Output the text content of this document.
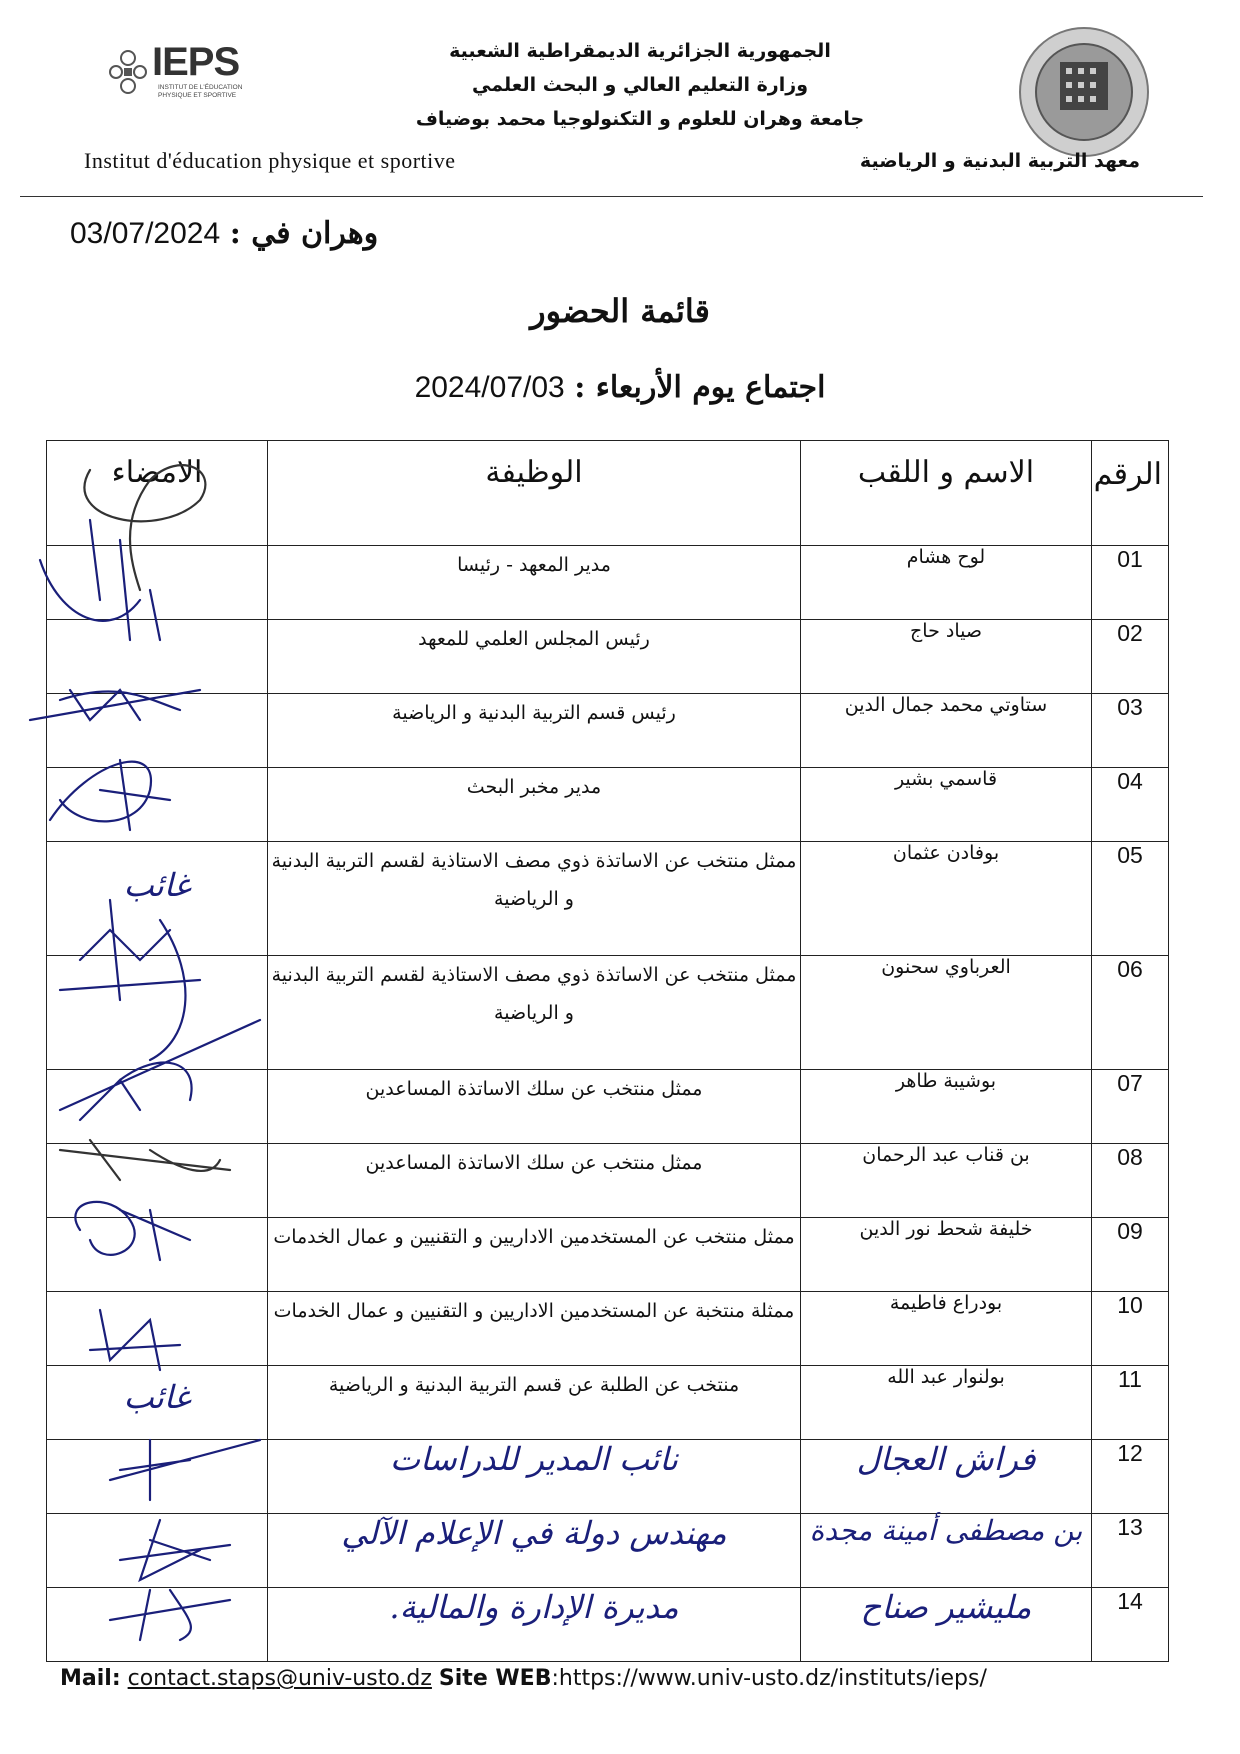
IEPS
INSTITUT DE L'ÉDUCATION
PHYSIQUE ET SPORTIVE
الجمهورية الجزائرية الديمقراطية الشعبية
وزارة التعليم العالي و البحث العلمي
جامعة وهران للعلوم و التكنولوجيا محمد بوضياف
Institut d'éducation physique et sportive	معهد التربية البدنية و الرياضية
وهران في : 03/07/2024
قائمة الحضور
اجتماع يوم الأربعاء : 2024/07/03
الرقم	الاسم و اللقب	الوظيفة	الامضاء
01	لوح هشام	مدير المعهد - رئيسا	
02	صياد حاج	رئيس المجلس العلمي للمعهد	
03	ستاوتي محمد جمال الدين	رئيس قسم التربية البدنية و الرياضية	
04	قاسمي بشير	مدير مخبر البحث	
05	بوفادن عثمان	ممثل منتخب عن الاساتذة ذوي مصف الاستاذية لقسم التربية البدنية و الرياضية	غائب
06	العرباوي سحنون	ممثل منتخب عن الاساتذة ذوي مصف الاستاذية لقسم التربية البدنية و الرياضية	
07	بوشيبة طاهر	ممثل منتخب عن سلك الاساتذة المساعدين	
08	بن قناب عبد الرحمان	ممثل منتخب عن سلك الاساتذة المساعدين	
09	خليفة شحط نور الدين	ممثل منتخب عن المستخدمين الاداريين و التقنيين و عمال الخدمات	
10	بودراع فاطيمة	ممثلة منتخبة عن المستخدمين الاداريين و التقنيين و عمال الخدمات	
11	بولنوار عبد الله	منتخب عن الطلبة عن قسم التربية البدنية و الرياضية	غائب
12	فراش العجال	نائب المدير للدراسات	
13	بن مصطفى أمينة مجدة	مهندس دولة في الإعلام الآلي	
14	مليشير صناح	مديرة الإدارة والمالية.	
Mail: contact.staps@univ-usto.dz Site WEB:https://www.univ-usto.dz/instituts/ieps/
